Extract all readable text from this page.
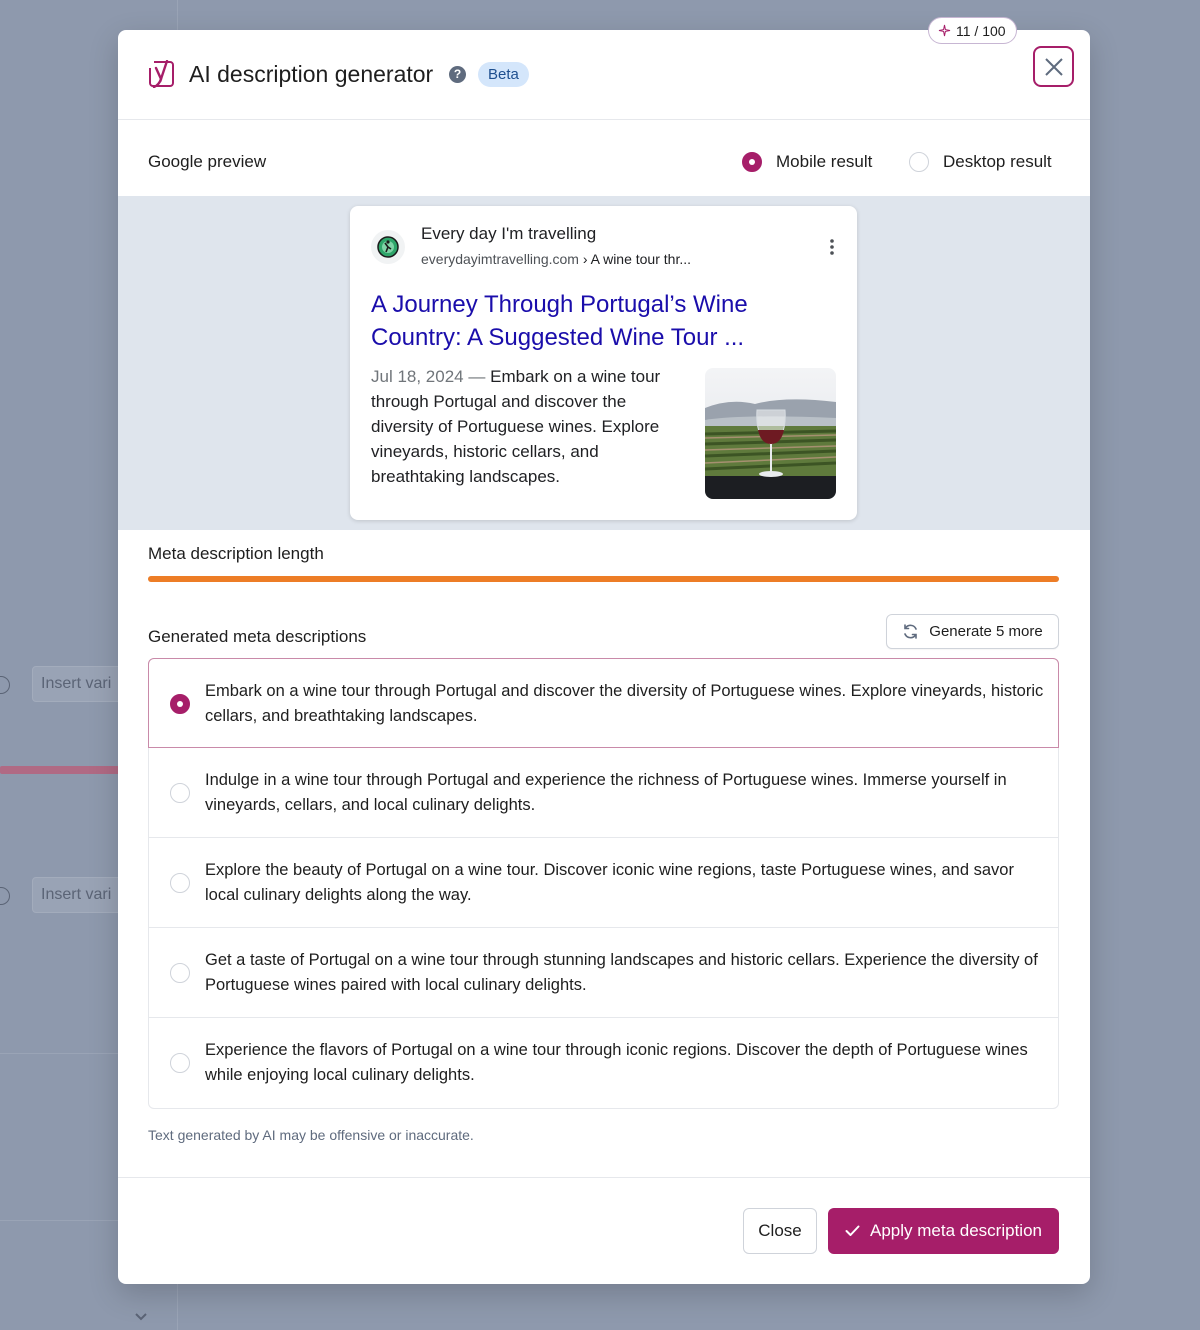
Insert vari
Insert vari
AI description generator	?	Beta
11 / 100
Google preview	Mobile result	Desktop result
Every day I'm travelling
everydayimtravelling.com › A wine tour thr...
A Journey Through Portugal’s Wine Country: A Suggested Wine Tour ...
Jul 18, 2024 — Embark on a wine tour through Portugal and discover the diversity of Portuguese wines. Explore vineyards, historic cellars, and breathtaking landscapes.
Meta description length
Generated meta descriptions	Generate 5 more
Embark on a wine tour through Portugal and discover the diversity of Portuguese wines. Explore vineyards, historic cellars, and breathtaking landscapes.
Indulge in a wine tour through Portugal and experience the richness of Portuguese wines. Immerse yourself in vineyards, cellars, and local culinary delights.
Explore the beauty of Portugal on a wine tour. Discover iconic wine regions, taste Portuguese wines, and savor local culinary delights along the way.
Get a taste of Portugal on a wine tour through stunning landscapes and historic cellars. Experience the diversity of Portuguese wines paired with local culinary delights.
Experience the flavors of Portugal on a wine tour through iconic regions. Discover the depth of Portuguese wines while enjoying local culinary delights.
Text generated by AI may be offensive or inaccurate.
Close	Apply meta description
